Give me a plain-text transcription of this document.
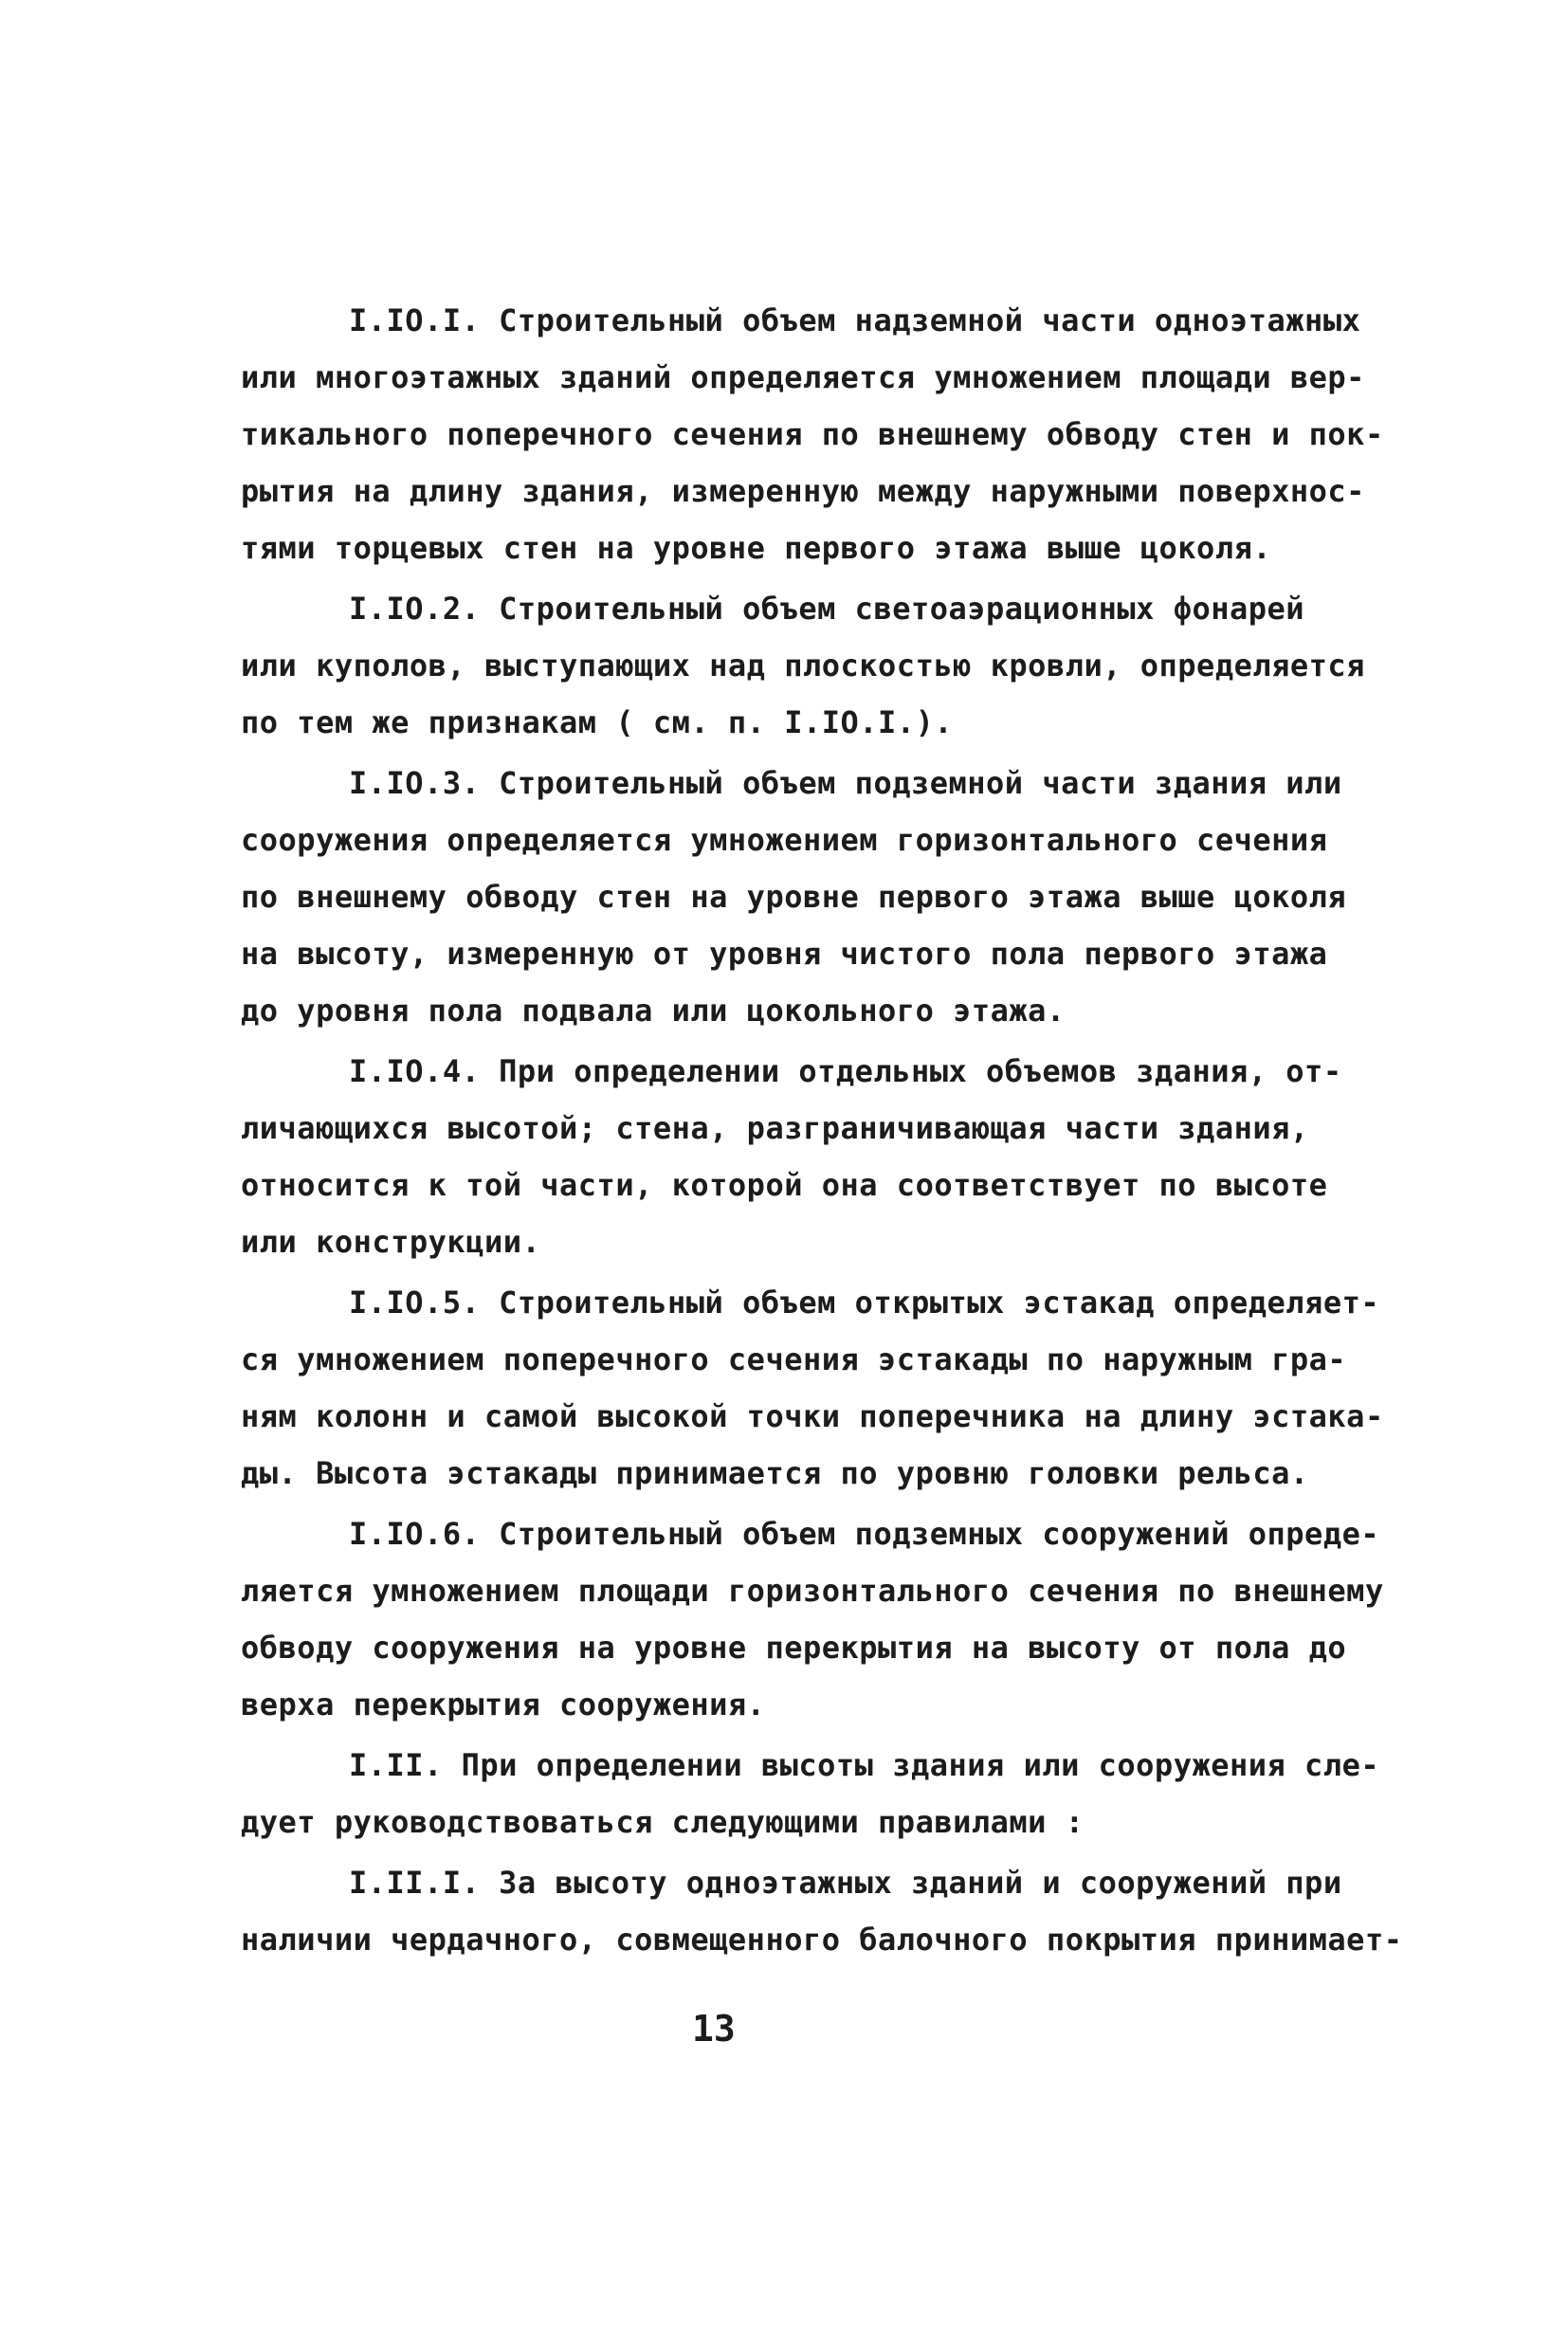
I.IO.I. Строительный объем надземной части одноэтажных
или многоэтажных зданий определяется умножением площади вер-
тикального поперечного сечения по внешнему обводу стен и пок-
рытия на длину здания, измеренную между наружными поверхнос-
тями торцевых стен на уровне первого этажа выше цоколя.
I.IO.2. Строительный объем светоаэрационных фонарей
или куполов, выступающих над плоскостью кровли, определяется
по тем же признакам ( см. п. I.IO.I.).
I.IO.3. Строительный объем подземной части здания или
сооружения определяется умножением горизонтального сечения
по внешнему обводу стен на уровне первого этажа выше цоколя
на высоту, измеренную от уровня чистого пола первого этажа
до уровня пола подвала или цокольного этажа.
I.IO.4. При определении отдельных объемов здания, от-
личающихся высотой; стена, разграничивающая части здания,
относится к той части, которой она соответствует по высоте
или конструкции.
I.IO.5. Строительный объем открытых эстакад определяет-
ся умножением поперечного сечения эстакады по наружным гра-
ням колонн и самой высокой точки поперечника на длину эстака-
ды. Высота эстакады принимается по уровню головки рельса.
I.IO.6. Строительный объем подземных сооружений опреде-
ляется умножением площади горизонтального сечения по внешнему
обводу сооружения на уровне перекрытия на высоту от пола до
верха перекрытия сооружения.
I.II. При определении высоты здания или сооружения сле-
дует руководствоваться следующими правилами :
I.II.I. За высоту одноэтажных зданий и сооружений при
наличии чердачного, совмещенного балочного покрытия принимает-
13
